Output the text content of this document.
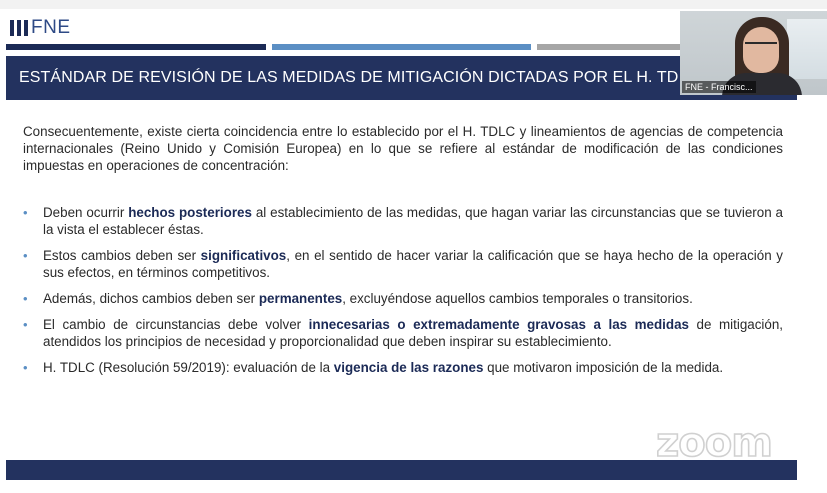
FNE
ESTÁNDAR DE REVISIÓN DE LAS MEDIDAS DE MITIGACIÓN DICTADAS POR EL H. TD

Consecuentemente, existe cierta coincidencia entre lo establecido por el H. TDLC y lineamientos de agencias de competencia internacionales (Reino Unido y Comisión Europea) en lo que se refiere al estándar de modificación de las condiciones impuestas en operaciones de concentración:

• Deben ocurrir hechos posteriores al establecimiento de las medidas, que hagan variar las circunstancias que se tuvieron a la vista el establecer éstas.
• Estos cambios deben ser significativos, en el sentido de hacer variar la calificación que se haya hecho de la operación y sus efectos, en términos competitivos.
• Además, dichos cambios deben ser permanentes, excluyéndose aquellos cambios temporales o transitorios.
• El cambio de circunstancias debe volver innecesarias o extremadamente gravosas a las medidas de mitigación, atendidos los principios de necesidad y proporcionalidad que deben inspirar su establecimiento.
• H. TDLC (Resolución 59/2019): evaluación de la vigencia de las razones que motivaron imposición de la medida.
zoom
FNE - Francisc...
